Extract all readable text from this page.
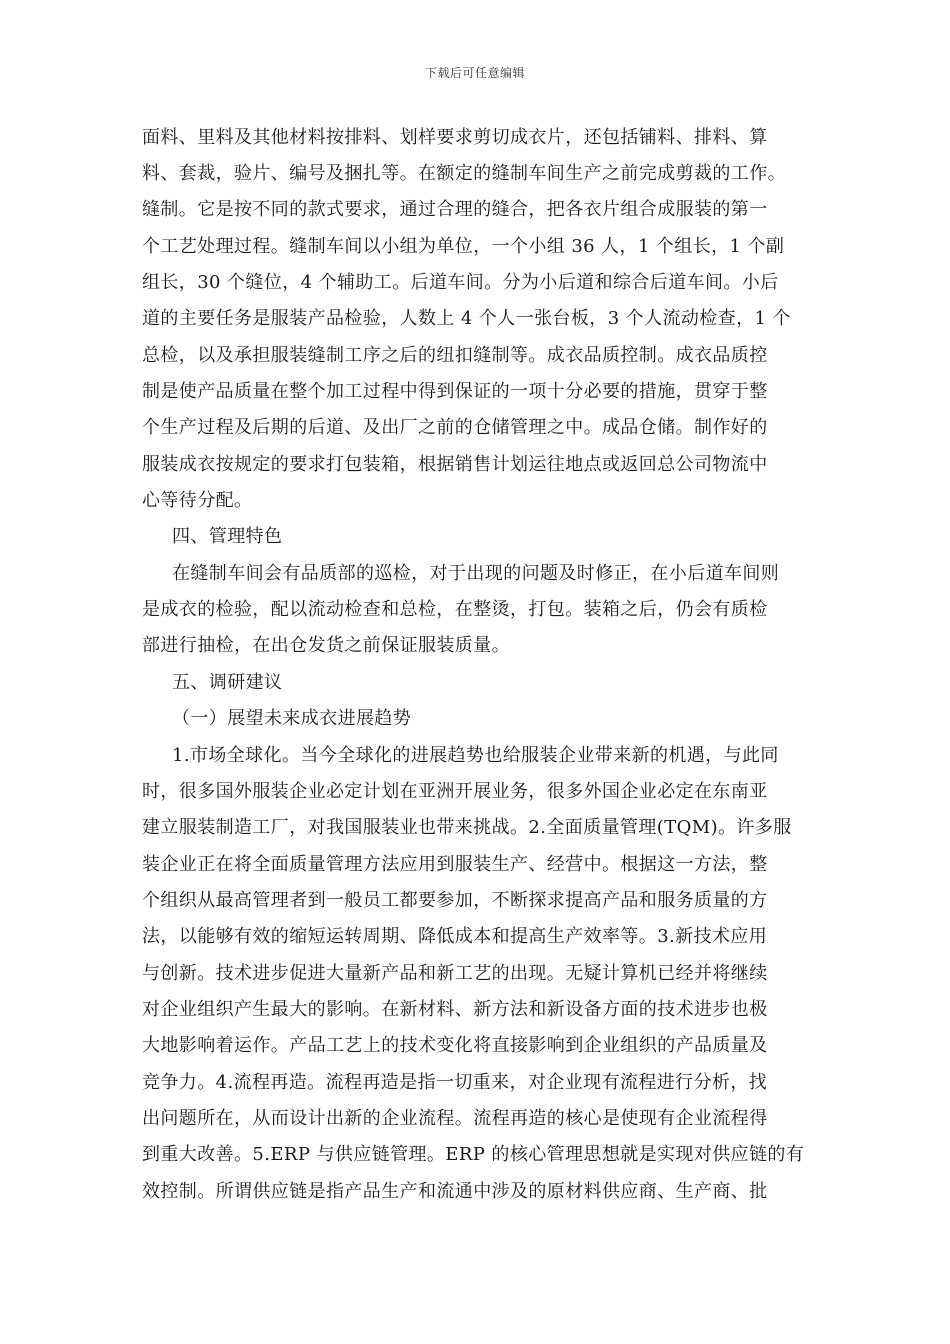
下载后可任意编辑
面料、里料及其他材料按排料、划样要求剪切成衣片，还包括铺料、排料、算
料、套裁，验片、编号及捆扎等。在额定的缝制车间生产之前完成剪裁的工作。
缝制。它是按不同的款式要求，通过合理的缝合，把各衣片组合成服装的第一
个工艺处理过程。缝制车间以小组为单位，一个小组 36 人，1 个组长，1 个副
组长，30 个缝位，4 个辅助工。后道车间。分为小后道和综合后道车间。小后
道的主要任务是服装产品检验，人数上 4 个人一张台板，3 个人流动检查，1 个
总检，以及承担服装缝制工序之后的纽扣缝制等。成衣品质控制。成衣品质控
制是使产品质量在整个加工过程中得到保证的一项十分必要的措施，贯穿于整
个生产过程及后期的后道、及出厂之前的仓储管理之中。成品仓储。制作好的
服装成衣按规定的要求打包装箱，根据销售计划运往地点或返回总公司物流中
心等待分配。
四、管理特色
在缝制车间会有品质部的巡检，对于出现的问题及时修正，在小后道车间则
是成衣的检验，配以流动检查和总检，在整烫，打包。装箱之后，仍会有质检
部进行抽检，在出仓发货之前保证服装质量。
五、调研建议
（一）展望未来成衣进展趋势
1.市场全球化。当今全球化的进展趋势也给服装企业带来新的机遇，与此同
时，很多国外服装企业必定计划在亚洲开展业务，很多外国企业必定在东南亚
建立服装制造工厂，对我国服装业也带来挑战。2.全面质量管理(TQM)。许多服
装企业正在将全面质量管理方法应用到服装生产、经营中。根据这一方法，整
个组织从最高管理者到一般员工都要参加，不断探求提高产品和服务质量的方
法，以能够有效的缩短运转周期、降低成本和提高生产效率等。3.新技术应用
与创新。技术进步促进大量新产品和新工艺的出现。无疑计算机已经并将继续
对企业组织产生最大的影响。在新材料、新方法和新设备方面的技术进步也极
大地影响着运作。产品工艺上的技术变化将直接影响到企业组织的产品质量及
竞争力。4.流程再造。流程再造是指一切重来，对企业现有流程进行分析，找
出问题所在，从而设计出新的企业流程。流程再造的核心是使现有企业流程得
到重大改善。5.ERP 与供应链管理。ERP 的核心管理思想就是实现对供应链的有
效控制。所谓供应链是指产品生产和流通中涉及的原材料供应商、生产商、批
